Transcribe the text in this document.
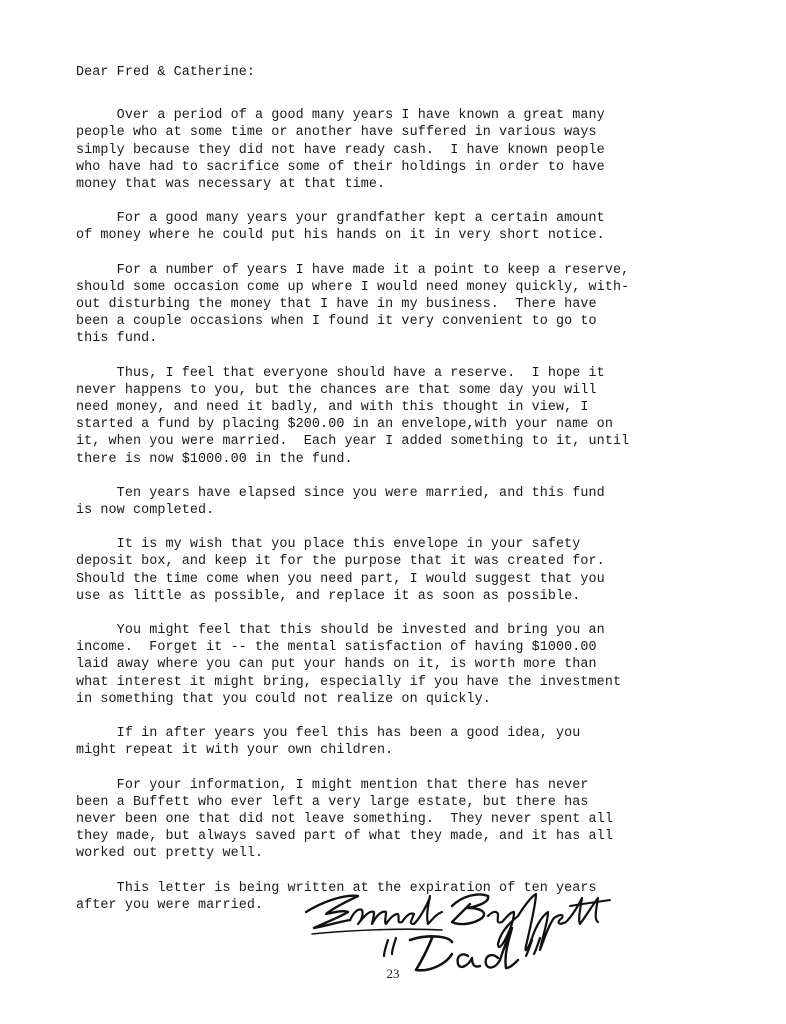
Dear Fred & Catherine:
Over a period of a good many years I have known a great many
people who at some time or another have suffered in various ways
simply because they did not have ready cash.  I have known people
who have had to sacrifice some of their holdings in order to have
money that was necessary at that time.
For a good many years your grandfather kept a certain amount
of money where he could put his hands on it in very short notice.
For a number of years I have made it a point to keep a reserve,
should some occasion come up where I would need money quickly, with-
out disturbing the money that I have in my business.  There have
been a couple occasions when I found it very convenient to go to
this fund.
Thus, I feel that everyone should have a reserve.  I hope it
never happens to you, but the chances are that some day you will
need money, and need it badly, and with this thought in view, I
started a fund by placing $200.00 in an envelope,with your name on
it, when you were married.  Each year I added something to it, until
there is now $1000.00 in the fund.
Ten years have elapsed since you were married, and this fund
is now completed.
It is my wish that you place this envelope in your safety
deposit box, and keep it for the purpose that it was created for.
Should the time come when you need part, I would suggest that you
use as little as possible, and replace it as soon as possible.
You might feel that this should be invested and bring you an
income.  Forget it -- the mental satisfaction of having $1000.00
laid away where you can put your hands on it, is worth more than
what interest it might bring, especially if you have the investment
in something that you could not realize on quickly.
If in after years you feel this has been a good idea, you
might repeat it with your own children.
For your information, I might mention that there has never
been a Buffett who ever left a very large estate, but there has
never been one that did not leave something.  They never spent all
they made, but always saved part of what they made, and it has all
worked out pretty well.
This letter is being written at the expiration of ten years
after you were married.
23
